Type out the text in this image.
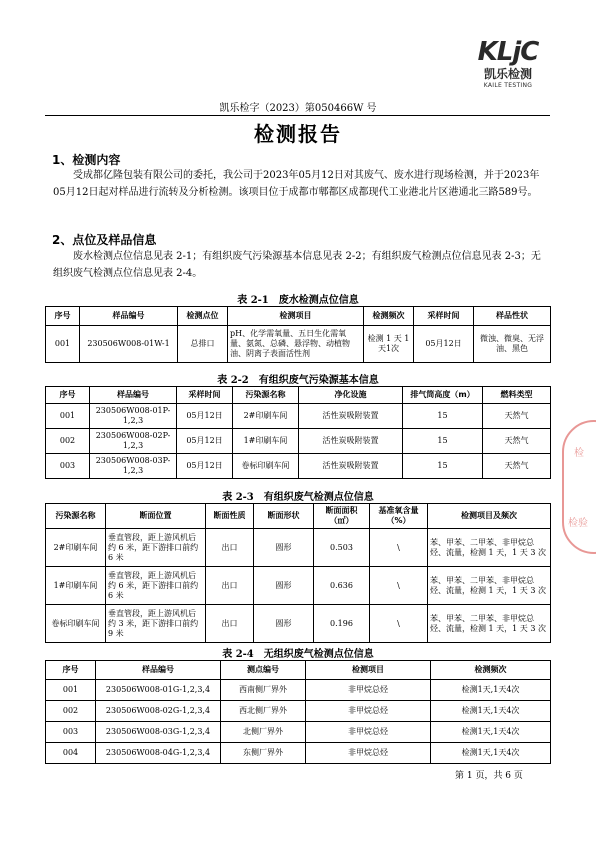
KLjC
凯乐检测
KAILE TESTING
凯乐检字（2023）第050466W 号
检测报告
1、检测内容
受成都亿隆包装有限公司的委托，我公司于2023年05月12日对其废气、废水进行现场检测，并于2023年05月12日起对样品进行流转及分析检测。该项目位于成都市郫都区成都现代工业港北片区港通北三路589号。
2、点位及样品信息
废水检测点位信息见表 2-1；有组织废气污染源基本信息见表 2-2；有组织废气检测点位信息见表 2-3；无组织废气检测点位信息见表 2-4。
表 2-1　废水检测点位信息
序号	样品编号	检测点位	检测项目	检测频次	采样时间	样品性状
001	230506W008-01W-1	总排口	pH、化学需氧量、五日生化需氧量、氨氮、总磷、悬浮物、动植物油、阴离子表面活性剂	检测 1 天 1天1次	05月12日	微浊、微臭、无浮油、黑色
表 2-2　有组织废气污染源基本信息
序号	样品编号	采样时间	污染源名称	净化设施	排气筒高度（m）	燃料类型
001	230506W008-01P-1,2,3	05月12日	2#印刷车间	活性炭吸附装置	15	天然气
002	230506W008-02P-1,2,3	05月12日	1#印刷车间	活性炭吸附装置	15	天然气
003	230506W008-03P-1,2,3	05月12日	卷标印刷车间	活性炭吸附装置	15	天然气
表 2-3　有组织废气检测点位信息
污染源名称	断面位置	断面性质	断面形状	断面面积（㎡）	基准氧含量（%）	检测项目及频次
2#印刷车间	垂直管段，距上游风机后约 6 米，距下游排口前约 6 米	出口	圆形	0.503	\	苯、甲苯、二甲苯、非甲烷总烃、流量，检测 1 天，1 天 3 次
1#印刷车间	垂直管段，距上游风机后约 6 米，距下游排口前约 6 米	出口	圆形	0.636	\	苯、甲苯、二甲苯、非甲烷总烃、流量，检测 1 天，1 天 3 次
卷标印刷车间	垂直管段，距上游风机后约 3 米，距下游排口前约 9 米	出口	圆形	0.196	\	苯、甲苯、二甲苯、非甲烷总烃、流量，检测 1 天，1 天 3 次
表 2-4　无组织废气检测点位信息
序号	样品编号	测点编号	检测项目	检测频次
001	230506W008-01G-1,2,3,4	西南侧厂界外	非甲烷总烃	检测1天,1天4次
002	230506W008-02G-1,2,3,4	西北侧厂界外	非甲烷总烃	检测1天,1天4次
003	230506W008-03G-1,2,3,4	北侧厂界外	非甲烷总烃	检测1天,1天4次
004	230506W008-04G-1,2,3,4	东侧厂界外	非甲烷总烃	检测1天,1天4次
第 1 页，共 6 页
检
检验
